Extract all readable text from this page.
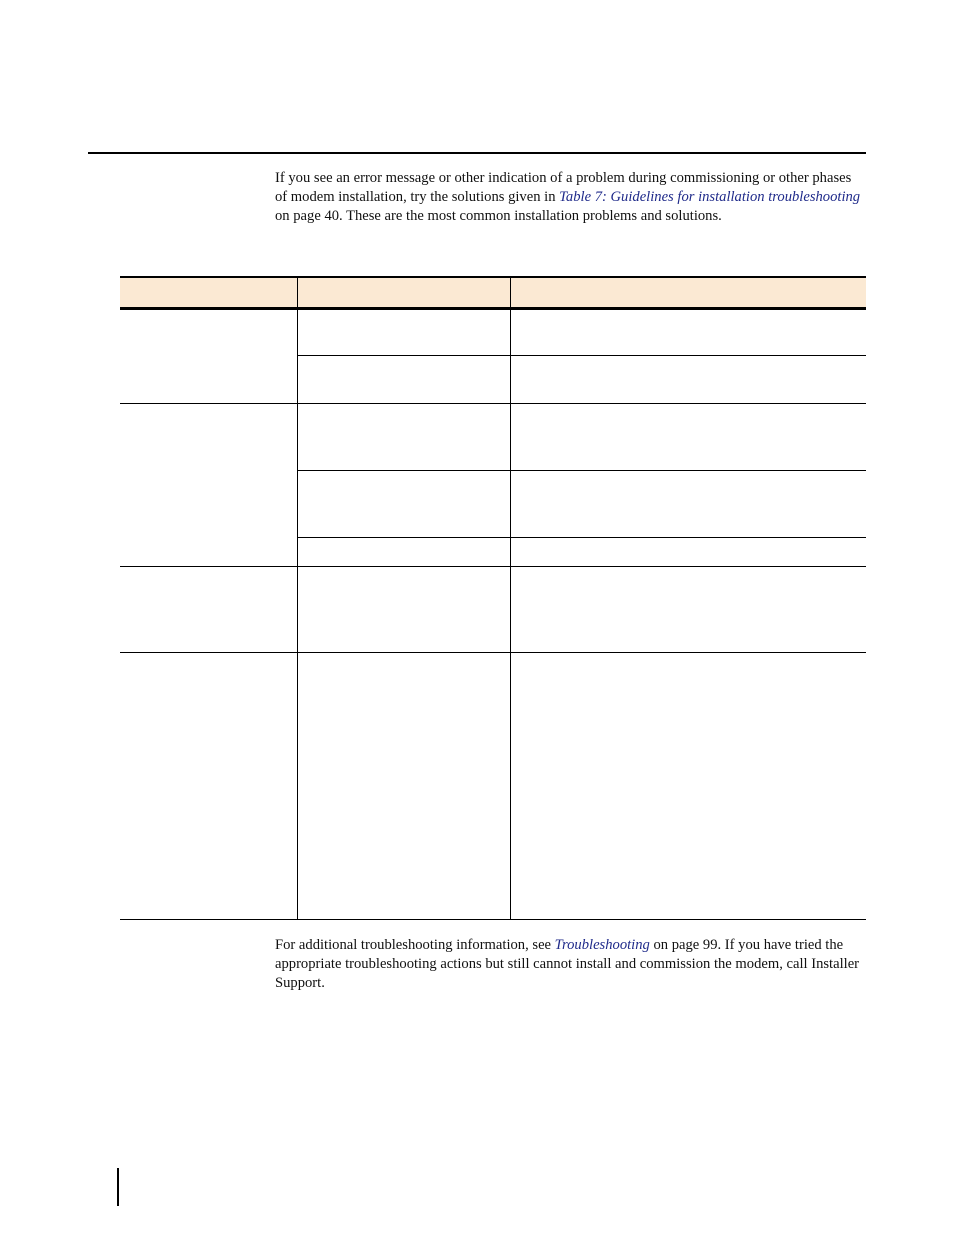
If you see an error message or other indication of a problem during commissioning or other phases of modem installation, try the solutions given in Table 7: Guidelines for installation troubleshooting on page 40. These are the most common installation problems and solutions.

For additional troubleshooting information, see Troubleshooting on page 99. If you have tried the appropriate troubleshooting actions but still cannot install and commission the modem, call Installer Support.
